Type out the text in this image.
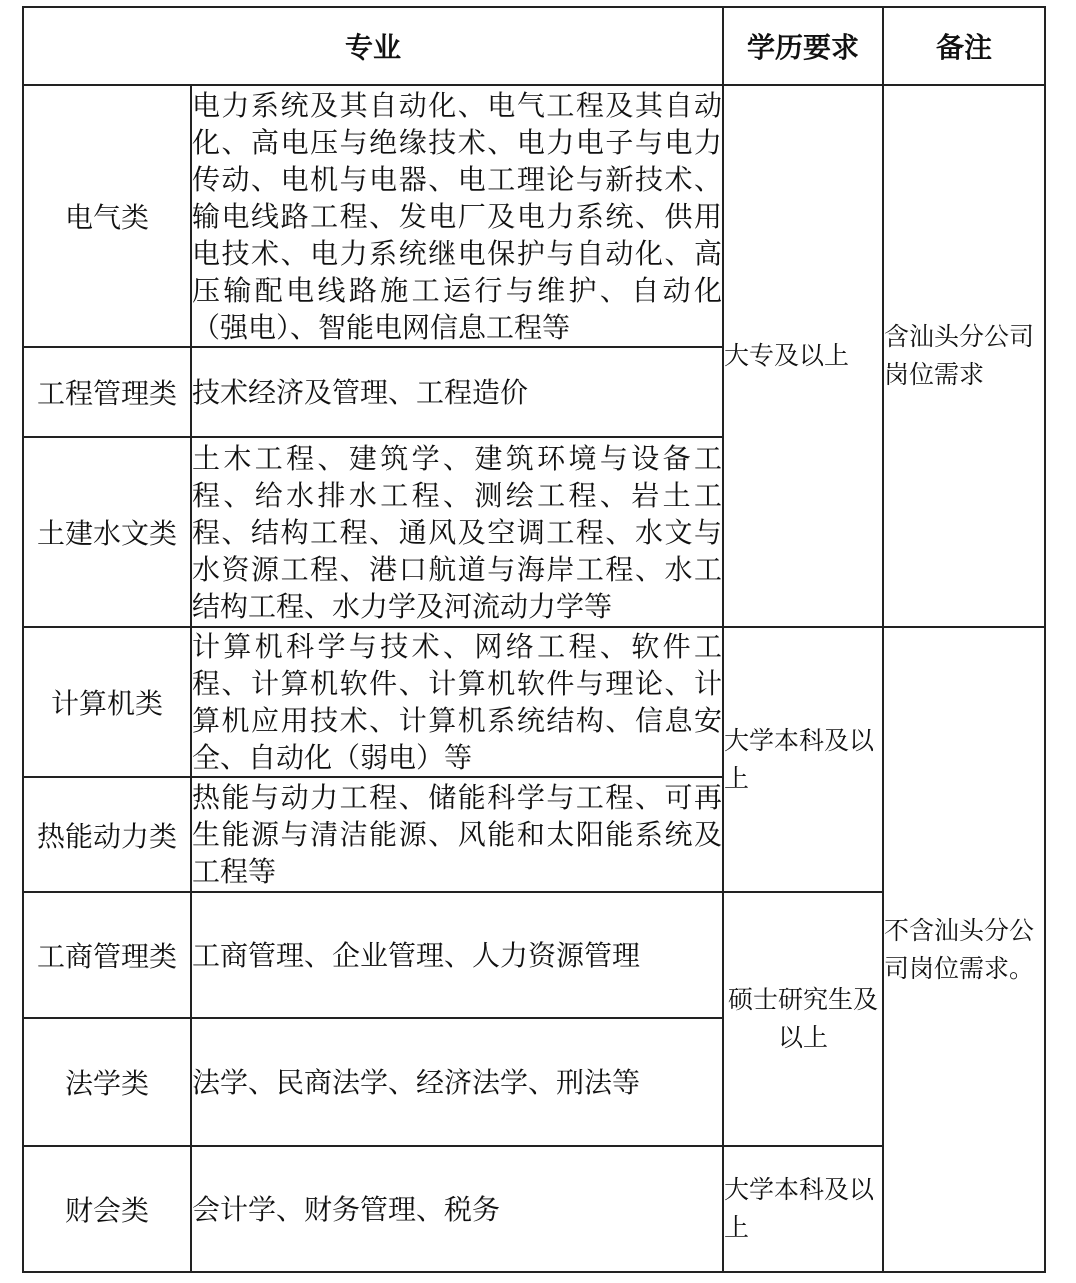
专业		学历要求	备注
电气类	电力系统及其自动化、电气工程及其自动化、高电压与绝缘技术、电力电子与电力传动、电机与电器、电工理论与新技术、输电线路工程、发电厂及电力系统、供用电技术、电力系统继电保护与自动化、高压输配电线路施工运行与维护、自动化（强电）、智能电网信息工程等	大专及以上	含汕头分公司岗位需求
工程管理类	技术经济及管理、工程造价		
土建水文类	土木工程、建筑学、建筑环境与设备工程、给水排水工程、测绘工程、岩土工程、结构工程、通风及空调工程、水文与水资源工程、港口航道与海岸工程、水工结构工程、水力学及河流动力学等		
计算机类	计算机科学与技术、网络工程、软件工程、计算机软件、计算机软件与理论、计算机应用技术、计算机系统结构、信息安全、自动化（弱电）等	大学本科及以上	不含汕头分公司岗位需求。
热能动力类	热能与动力工程、储能科学与工程、可再生能源与清洁能源、风能和太阳能系统及工程等		
工商管理类	工商管理、企业管理、人力资源管理	硕士研究生及以上	
法学类	法学、民商法学、经济法学、刑法等		
财会类	会计学、财务管理、税务	大学本科及以上	
